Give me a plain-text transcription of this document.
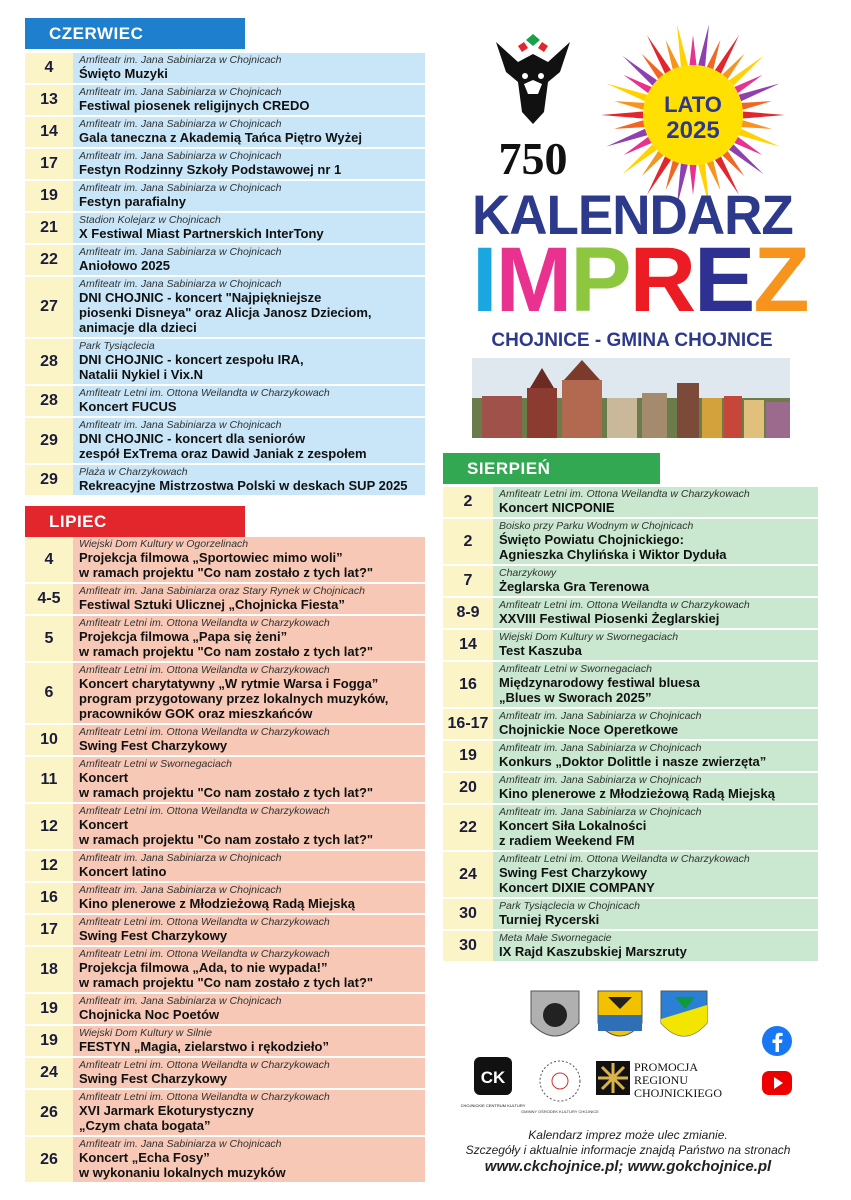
CZERWIEC
4	Amfiteatr im. Jana Sabiniarza w Chojnicach
Święto Muzyki

13	Amfiteatr im. Jana Sabiniarza w Chojnicach
Festiwal piosenek religijnych CREDO

14	Amfiteatr im. Jana Sabiniarza w Chojnicach
Gala taneczna z Akademią Tańca Piętro Wyżej

17	Amfiteatr im. Jana Sabiniarza w Chojnicach
Festyn Rodzinny Szkoły Podstawowej nr 1

19	Amfiteatr im. Jana Sabiniarza w Chojnicach
Festyn parafialny

21	Stadion Kolejarz w Chojnicach
X Festiwal Miast Partnerskich InterTony

22	Amfiteatr im. Jana Sabiniarza w Chojnicach
Aniołowo 2025

27	Amfiteatr im. Jana Sabiniarza w Chojnicach
DNI CHOJNIC - koncert "Najpiękniejsze
piosenki Disneya" oraz Alicja Janosz Dzieciom,
animacje dla dzieci

28	Park Tysiąclecia
DNI CHOJNIC - koncert zespołu IRA,
Natalii Nykiel i Vix.N

28	Amfiteatr Letni im. Ottona Weilandta w Charzykowach
Koncert FUCUS

29	Amfiteatr im. Jana Sabiniarza w Chojnicach
DNI CHOJNIC - koncert dla seniorów
zespół ExTrema oraz Dawid Janiak z zespołem

29	Plaża w Charzykowach
Rekreacyjne Mistrzostwa Polski w deskach SUP 2025
LIPIEC
4	Wiejski Dom Kultury w Ogorzelinach
Projekcja filmowa „Sportowiec mimo woli”
w ramach projektu "Co nam zostało z tych lat?"

4-5	Amfiteatr im. Jana Sabiniarza oraz Stary Rynek w Chojnicach
Festiwal Sztuki Ulicznej „Chojnicka Fiesta”

5	Amfiteatr Letni im. Ottona Weilandta w Charzykowach
Projekcja filmowa „Papa się żeni”
w ramach projektu "Co nam zostało z tych lat?"

6	Amfiteatr Letni im. Ottona Weilandta w Charzykowach
Koncert charytatywny „W rytmie Warsa i Fogga”
program przygotowany przez lokalnych muzyków,
pracowników GOK oraz mieszkańców

10	Amfiteatr Letni im. Ottona Weilandta w Charzykowach
Swing Fest Charzykowy

11	Amfiteatr Letni w Swornegaciach
Koncert
w ramach projektu "Co nam zostało z tych lat?"

12	Amfiteatr Letni im. Ottona Weilandta w Charzykowach
Koncert
w ramach projektu "Co nam zostało z tych lat?"

12	Amfiteatr im. Jana Sabiniarza w Chojnicach
Koncert latino

16	Amfiteatr im. Jana Sabiniarza w Chojnicach
Kino plenerowe z Młodzieżową Radą Miejską

17	Amfiteatr Letni im. Ottona Weilandta w Charzykowach
Swing Fest Charzykowy

18	Amfiteatr Letni im. Ottona Weilandta w Charzykowach
Projekcja filmowa „Ada, to nie wypada!”
w ramach projektu "Co nam zostało z tych lat?"

19	Amfiteatr im. Jana Sabiniarza w Chojnicach
Chojnicka Noc Poetów

19	Wiejski Dom Kultury w Silnie
FESTYN „Magia, zielarstwo i rękodzieło”

24	Amfiteatr Letni im. Ottona Weilandta w Charzykowach
Swing Fest Charzykowy

26	Amfiteatr Letni im. Ottona Weilandta w Charzykowach
XVI Jarmark Ekoturystyczny
„Czym chata bogata”

26	Amfiteatr im. Jana Sabiniarza w Chojnicach
Koncert „Echa Fosy”
w wykonaniu lokalnych muzyków
SIERPIEŃ
2	Amfiteatr Letni im. Ottona Weilandta w Charzykowach
Koncert NICPONIE

2	Boisko przy Parku Wodnym w Chojnicach
Święto Powiatu Chojnickiego:
Agnieszka Chylińska i Wiktor Dyduła

7	Charzykowy
Żeglarska Gra Terenowa

8-9	Amfiteatr Letni im. Ottona Weilandta w Charzykowach
XXVIII Festiwal Piosenki Żeglarskiej

14	Wiejski Dom Kultury w Swornegaciach
Test Kaszuba

16	Amfiteatr Letni w Swornegaciach
Międzynarodowy festiwal bluesa
„Blues w Sworach 2025”

16-17	Amfiteatr im. Jana Sabiniarza w Chojnicach
Chojnickie Noce Operetkowe

19	Amfiteatr im. Jana Sabiniarza w Chojnicach
Konkurs „Doktor Dolittle i nasze zwierzęta”

20	Amfiteatr im. Jana Sabiniarza w Chojnicach
Kino plenerowe z Młodzieżową Radą Miejską

22	Amfiteatr im. Jana Sabiniarza w Chojnicach
Koncert Siła Lokalności
z radiem Weekend FM

24	Amfiteatr Letni im. Ottona Weilandta w Charzykowach
Swing Fest Charzykowy
Koncert DIXIE COMPANY

30	Park Tysiąclecia w Chojnicach
Turniej Rycerski

30	Meta Małe Swornegacie
IX Rajd Kaszubskiej Marszruty
750
LATO
2025
KALENDARZ
IMPREZ
CHOJNICE - GMINA CHOJNICE
CK
CHOJNICKIE CENTRUM KULTURY
GMINNY OŚRODEK KULTURY CHOJNICE
PROMOCJA
REGIONU
CHOJNICKIEGO
Kalendarz imprez może ulec zmianie.
Szczegóły i aktualnie informacje znajdą Państwo na stronach
www.ckchojnice.pl; www.gokchojnice.pl
